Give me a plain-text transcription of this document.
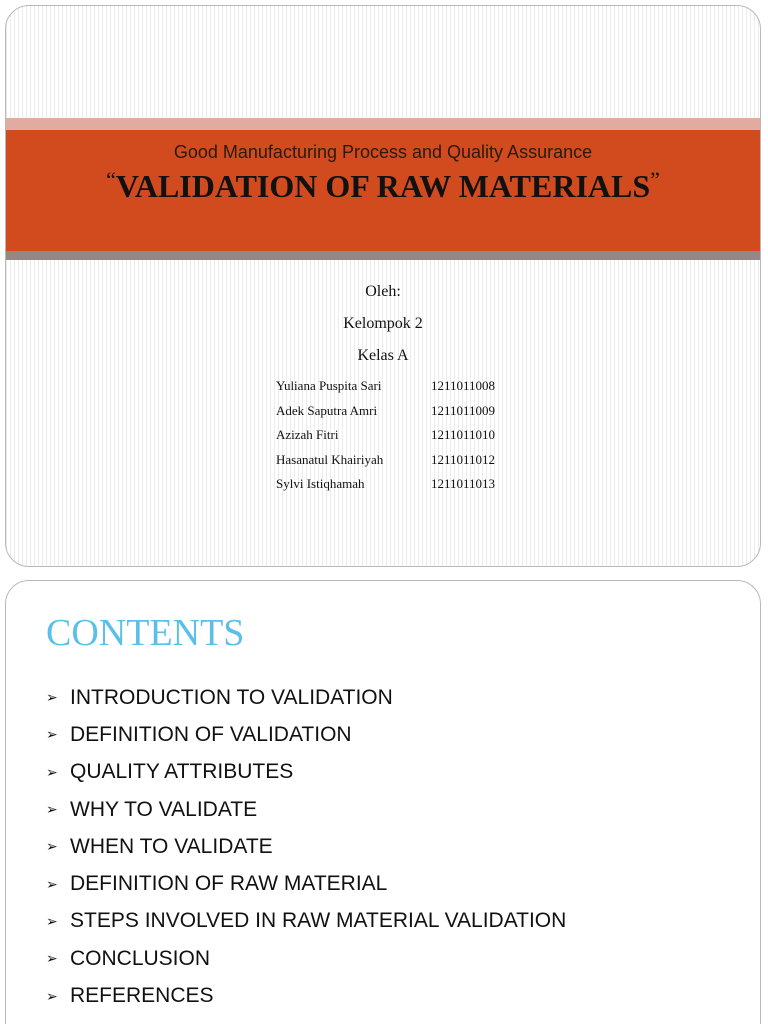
Good Manufacturing Process and Quality Assurance
“VALIDATION OF RAW MATERIALS”
Oleh:
Kelompok 2
Kelas A
Yuliana Puspita Sari	1211011008
Adek Saputra Amri	1211011009
Azizah Fitri	1211011010
Hasanatul Khairiyah	1211011012
Sylvi Istiqhamah	1211011013
CONTENTS
➢ INTRODUCTION TO VALIDATION
➢ DEFINITION OF VALIDATION
➢ QUALITY ATTRIBUTES
➢ WHY TO VALIDATE
➢ WHEN TO VALIDATE
➢ DEFINITION OF RAW MATERIAL
➢ STEPS INVOLVED IN RAW MATERIAL VALIDATION
➢ CONCLUSION
➢ REFERENCES
